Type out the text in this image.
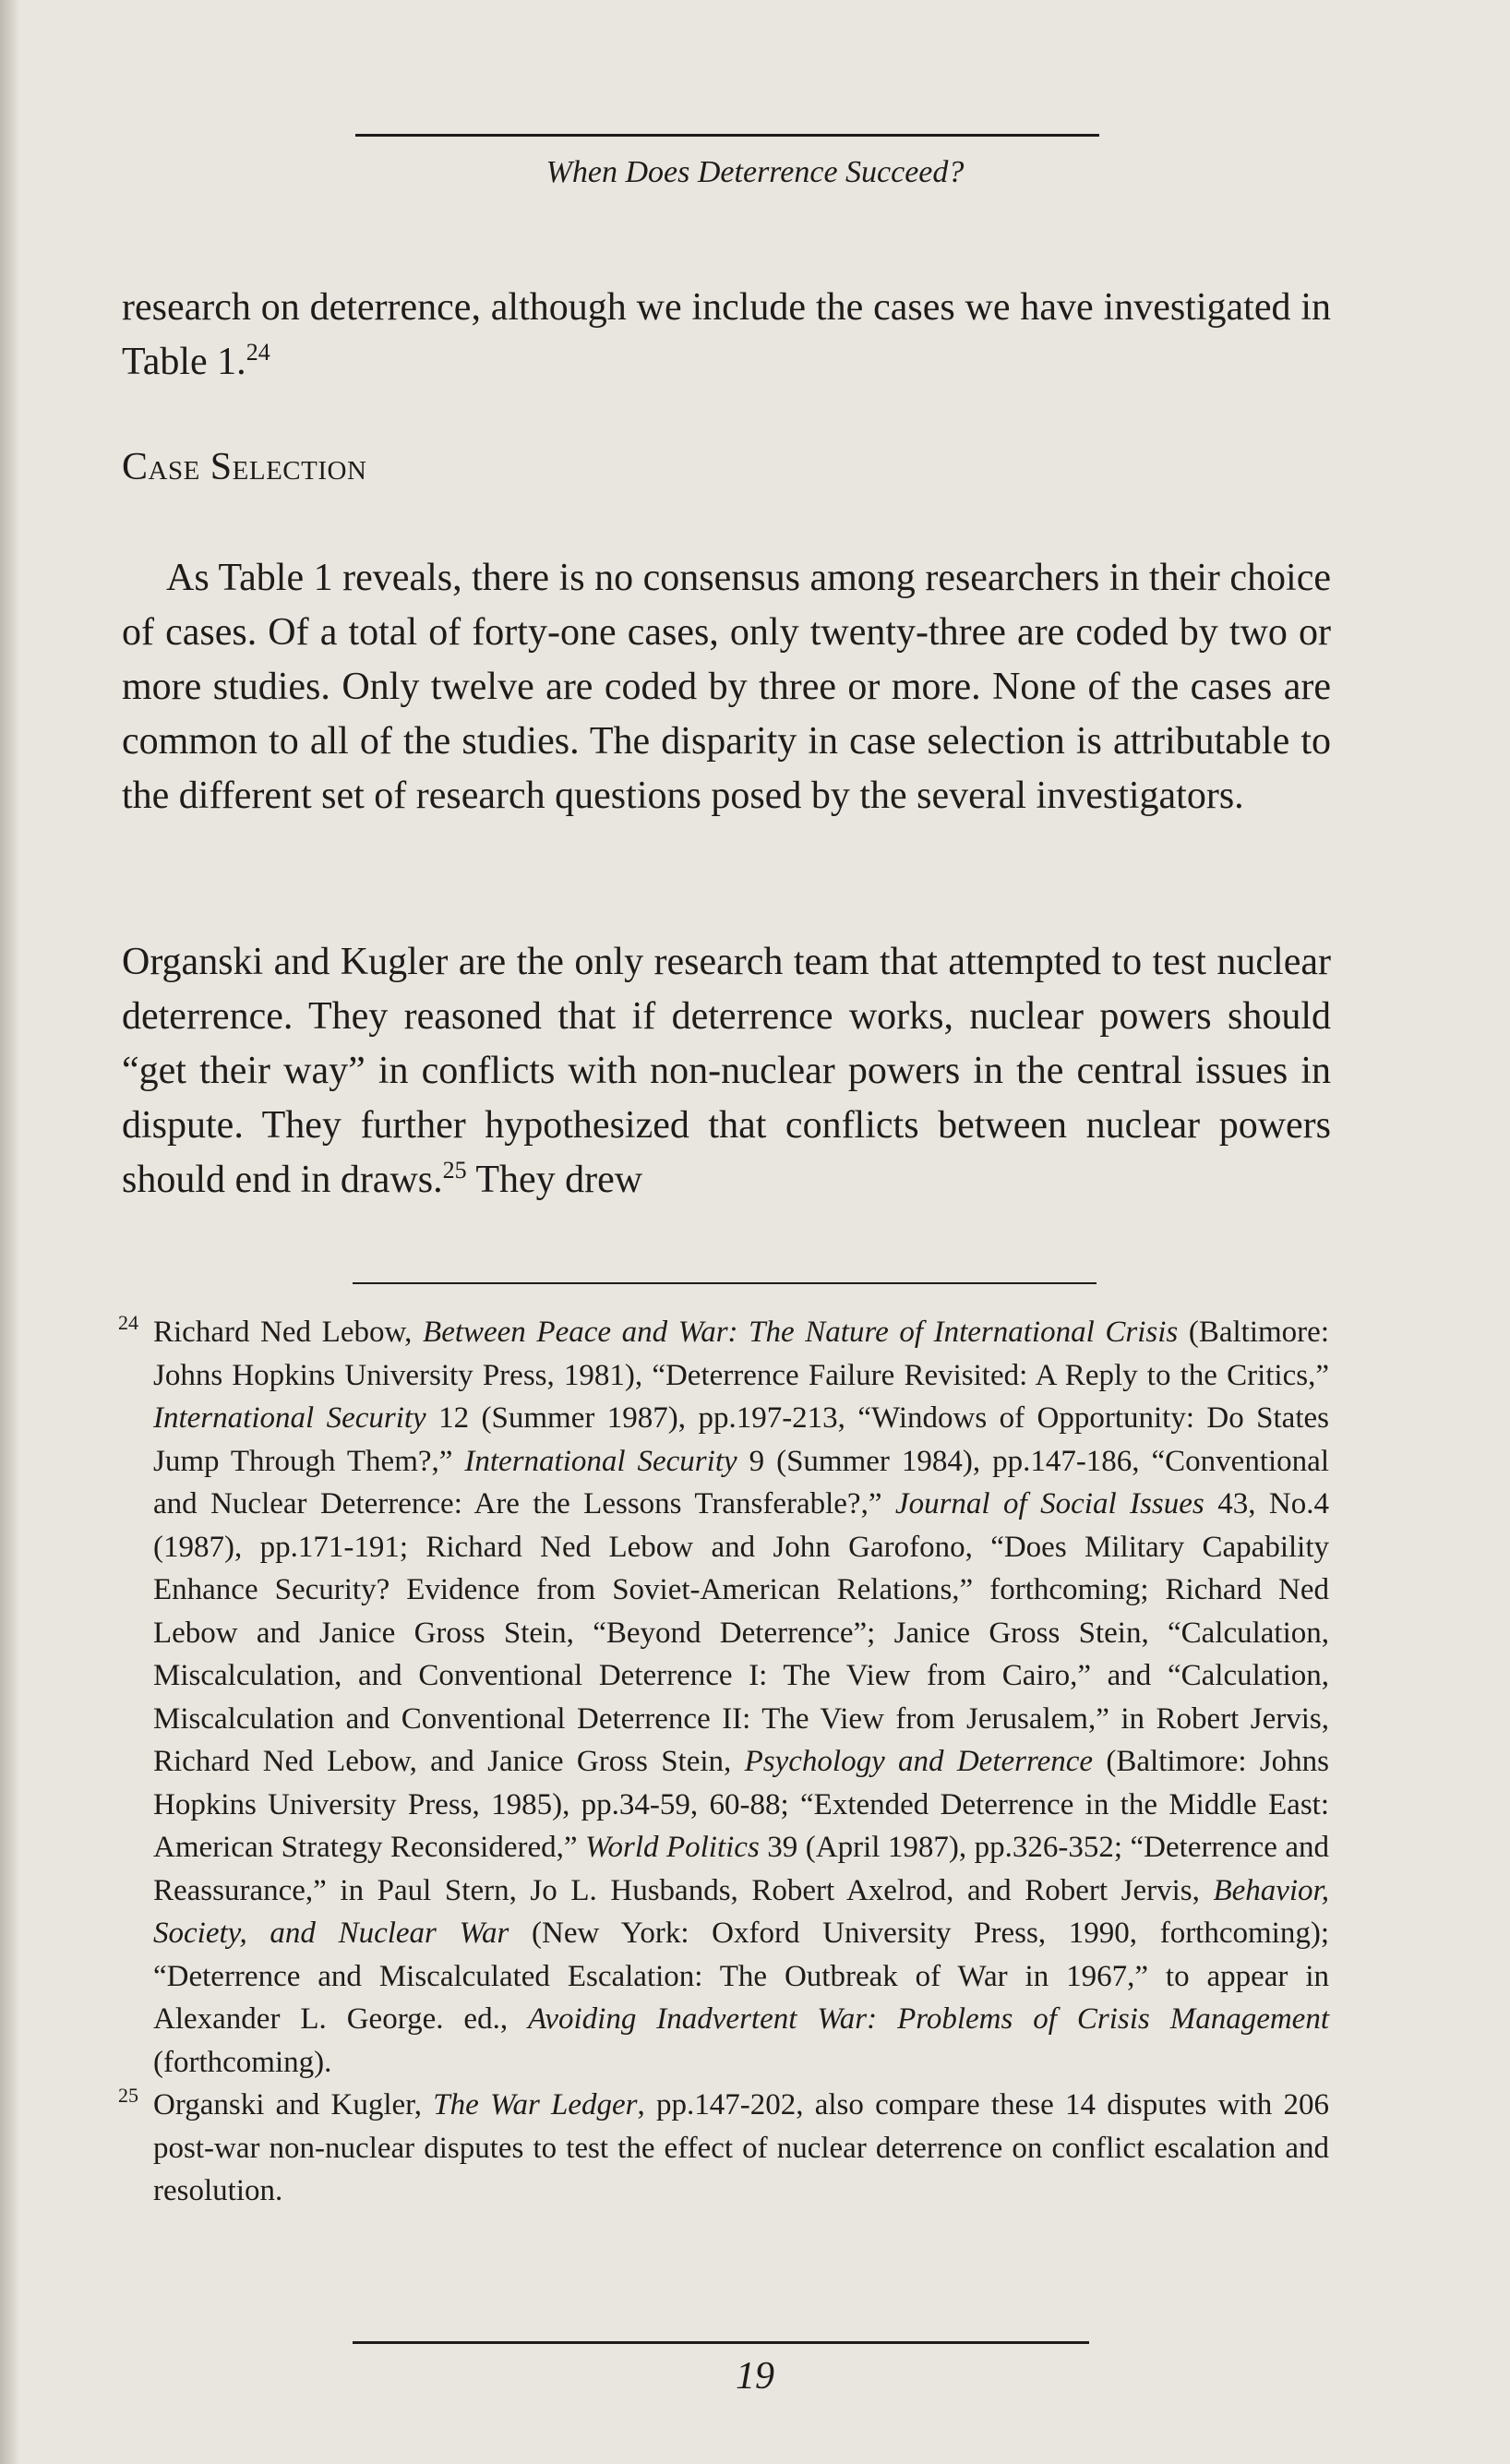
When Does Deterrence Succeed?

research on deterrence, although we include the cases we have investigated in Table 1.24

Case Selection

As Table 1 reveals, there is no consensus among researchers in their choice of cases. Of a total of forty-one cases, only twenty-three are coded by two or more studies. Only twelve are coded by three or more. None of the cases are common to all of the studies. The disparity in case selection is attributable to the different set of research questions posed by the several investigators.

Organski and Kugler are the only research team that attempted to test nuclear deterrence. They reasoned that if deterrence works, nuclear powers should “get their way” in conflicts with non-nuclear powers in the central issues in dispute. They further hypothesized that conflicts between nuclear powers should end in draws.$^{25}$ They drew

24 Richard Ned Lebow, Between Peace and War: The Nature of International Crisis (Baltimore: Johns Hopkins University Press, 1981), “Deterrence Failure Revisited: A Reply to the Critics,” International Security 12 (Summer 1987), pp.197-213, “Windows of Opportunity: Do States Jump Through Them?,” International Security 9 (Summer 1984), pp.147-186, “Conventional and Nuclear Deterrence: Are the Lessons Transferable?,” Journal of Social Issues 43, No.4 (1987), pp.171-191; Richard Ned Lebow and John Garofono, “Does Military Capability Enhance Security? Evidence from Soviet-American Relations,” forthcoming; Richard Ned Lebow and Janice Gross Stein, “Beyond Deterrence”; Janice Gross Stein, “Calculation, Miscalculation, and Conventional Deterrence I: The View from Cairo,” and “Calculation, Miscalculation and Conventional Deterrence II: The View from Jerusalem,” in Robert Jervis, Richard Ned Lebow, and Janice Gross Stein, Psychology and Deterrence (Baltimore: Johns Hopkins University Press, 1985), pp.34-59, 60-88; “Extended Deterrence in the Middle East: American Strategy Reconsidered,” World Politics 39 (April 1987), pp.326-352; “Deterrence and Reassurance,” in Paul Stern, Jo L. Husbands, Robert Axelrod, and Robert Jervis, Behavior, Society, and Nuclear War (New York: Oxford University Press, 1990, forthcoming); “Deterrence and Miscalculated Escalation: The Outbreak of War in 1967,” to appear in Alexander L. George. ed., Avoiding Inadvertent War: Problems of Crisis Management (forthcoming).
25 Organski and Kugler, The War Ledger, pp.147-202, also compare these 14 disputes with 206 post-war non-nuclear disputes to test the effect of nuclear deterrence on conflict escalation and resolution.
19
